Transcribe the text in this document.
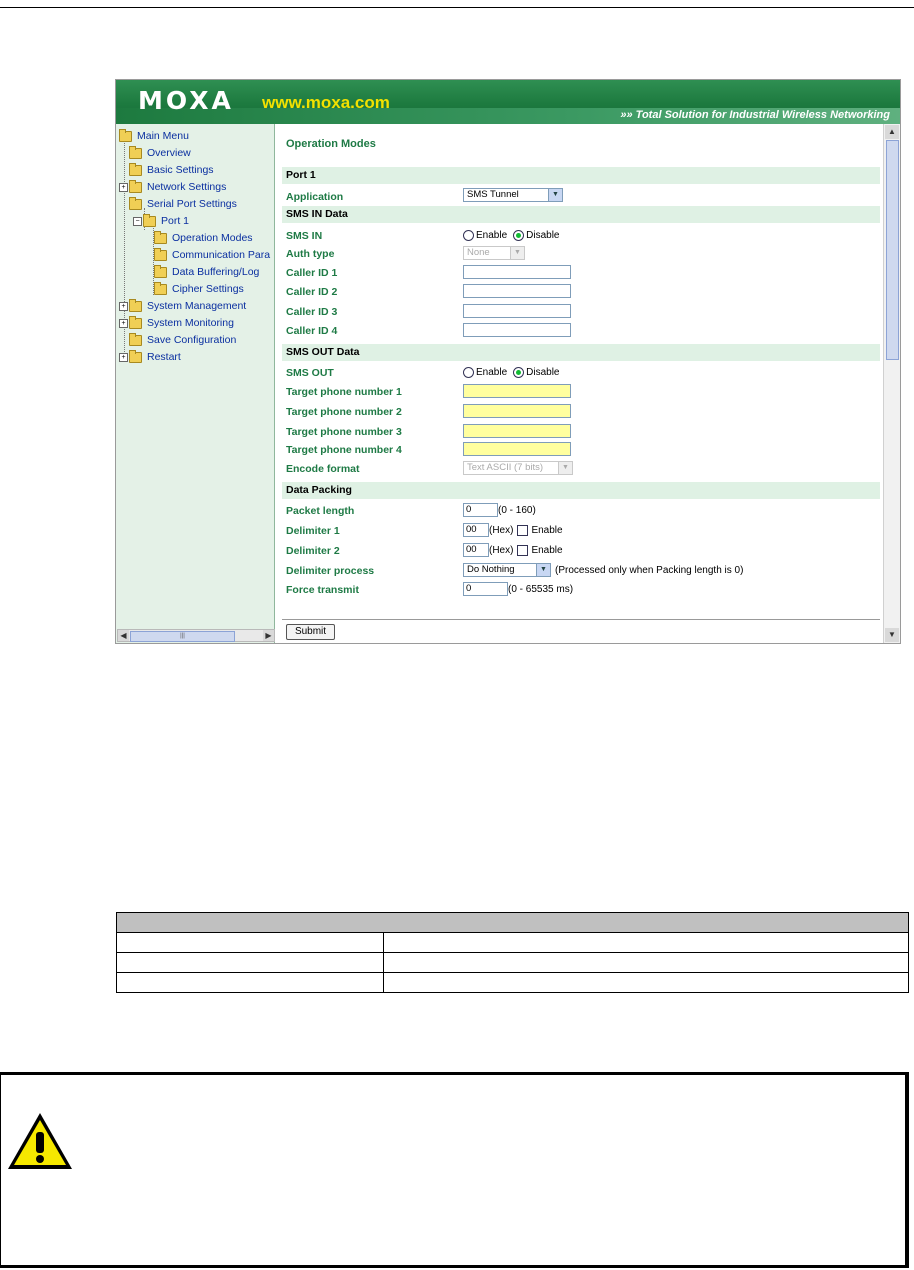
MOXA www.moxa.com
»» Total Solution for Industrial Wireless Networking
Main Menu
Overview
Basic Settings
+ Network Settings
Serial Port Settings
− Port 1
Operation Modes
Communication Para
Data Buffering/Log
Cipher Settings
+ System Management
+ System Monitoring
Save Configuration
+ Restart
◀	|||	▶
Operation Modes
Port 1
Application	SMS Tunnel	▼
SMS IN Data
SMS IN	Enable Disable
Auth type	None	▼
Caller ID 1
Caller ID 2
Caller ID 3
Caller ID 4
SMS OUT Data
SMS OUT	Enable Disable
Target phone number 1
Target phone number 2
Target phone number 3
Target phone number 4
Encode format	Text ASCII (7 bits)	▼
Data Packing
Packet length	0	(0 - 160)
Delimiter 1	00	(Hex) Enable
Delimiter 2	00	(Hex) Enable
Delimiter process	Do Nothing	▼ (Processed only when Packing length is 0)
Force transmit	0	(0 - 65535 ms)
Submit
▲
▼
